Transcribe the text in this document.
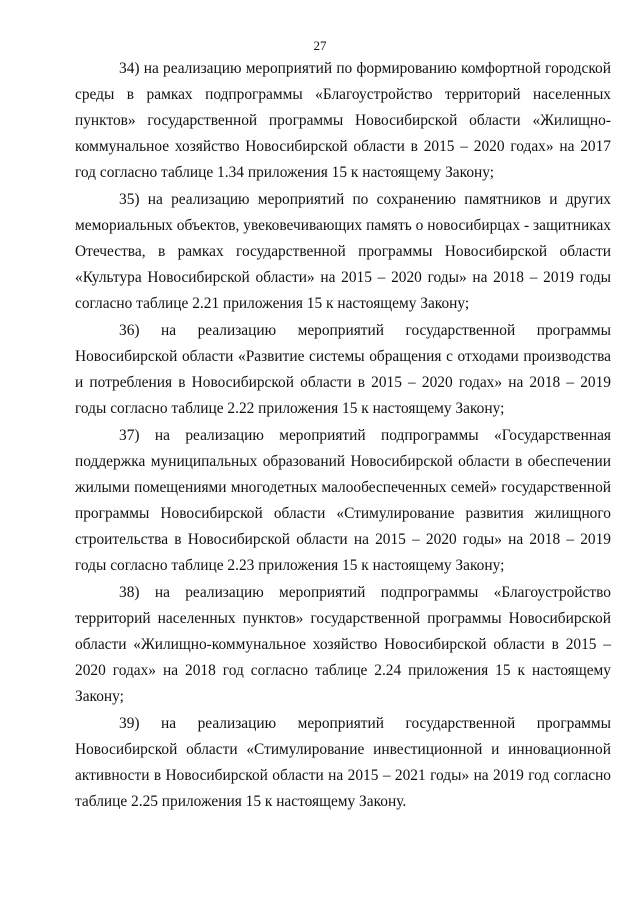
27

34) на реализацию мероприятий по формированию комфортной городской среды в рамках подпрограммы «Благоустройство территорий населенных пунктов» государственной программы Новосибирской области «Жилищно-коммунальное хозяйство Новосибирской области в 2015 – 2020 годах» на 2017 год согласно таблице 1.34 приложения 15 к настоящему Закону;

35) на реализацию мероприятий по сохранению памятников и других мемориальных объектов, увековечивающих память о новосибирцах - защитниках Отечества, в рамках государственной программы Новосибирской области «Культура Новосибирской области» на 2015 – 2020 годы» на 2018 – 2019 годы согласно таблице 2.21 приложения 15 к настоящему Закону;

36) на реализацию мероприятий государственной программы Новосибирской области «Развитие системы обращения с отходами производства и потребления в Новосибирской области в 2015 – 2020 годах» на 2018 – 2019 годы согласно таблице 2.22 приложения 15 к настоящему Закону;

37) на реализацию мероприятий подпрограммы «Государственная поддержка муниципальных образований Новосибирской области в обеспечении жилыми помещениями многодетных малообеспеченных семей» государственной программы Новосибирской области «Стимулирование развития жилищного строительства в Новосибирской области на 2015 – 2020 годы» на 2018 – 2019 годы согласно таблице 2.23 приложения 15 к настоящему Закону;

38) на реализацию мероприятий подпрограммы «Благоустройство территорий населенных пунктов» государственной программы Новосибирской области «Жилищно-коммунальное хозяйство Новосибирской области в 2015 – 2020 годах» на 2018 год согласно таблице 2.24 приложения 15 к настоящему Закону;

39) на реализацию мероприятий государственной программы Новосибирской области «Стимулирование инвестиционной и инновационной активности в Новосибирской области на 2015 – 2021 годы» на 2019 год согласно таблице 2.25 приложения 15 к настоящему Закону.
